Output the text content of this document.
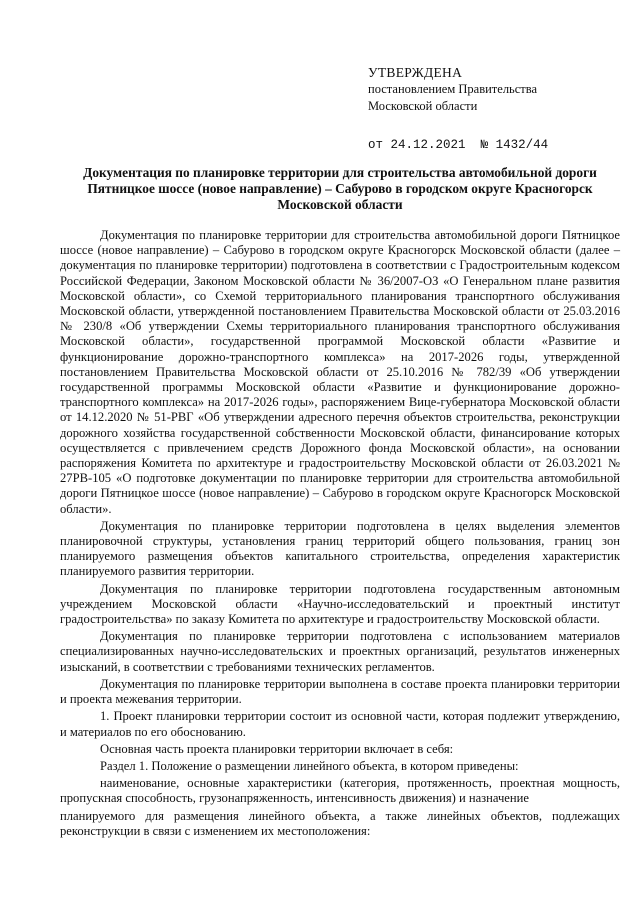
УТВЕРЖДЕНА
постановлением Правительства
Московской области
от 24.12.2021 № 1432/44
Документация по планировке территории для строительства автомобильной дороги Пятницкое шоссе (новое направление) – Сабурово в городском округе Красногорск Московской области

Документация по планировке территории для строительства автомобильной дороги Пятницкое шоссе (новое направление) – Сабурово в городском округе Красногорск Московской области (далее – документация по планировке территории) подготовлена в соответствии с Градостроительным кодексом Российской Федерации, Законом Московской области № 36/2007-ОЗ «О Генеральном плане развития Московской области», со Схемой территориального планирования транспортного обслуживания Московской области, утвержденной постановлением Правительства Московской области от 25.03.2016 № 230/8 «Об утверждении Схемы территориального планирования транспортного обслуживания Московской области», государственной программой Московской области «Развитие и функционирование дорожно-транспортного комплекса» на 2017-2026 годы, утвержденной постановлением Правительства Московской области от 25.10.2016 № 782/39 «Об утверждении государственной программы Московской области «Развитие и функционирование дорожно-транспортного комплекса» на 2017-2026 годы», распоряжением Вице-губернатора Московской области от 14.12.2020 № 51-РВГ «Об утверждении адресного перечня объектов строительства, реконструкции дорожного хозяйства государственной собственности Московской области, финансирование которых осуществляется с привлечением средств Дорожного фонда Московской области», на основании распоряжения Комитета по архитектуре и градостроительству Московской области от 26.03.2021 № 27РВ-105 «О подготовке документации по планировке территории для строительства автомобильной дороги Пятницкое шоссе (новое направление) – Сабурово в городском округе Красногорск Московской области».

Документация по планировке территории подготовлена в целях выделения элементов планировочной структуры, установления границ территорий общего пользования, границ зон планируемого размещения объектов капитального строительства, определения характеристик планируемого развития территории.

Документация по планировке территории подготовлена государственным автономным учреждением Московской области «Научно-исследовательский и проектный институт градостроительства» по заказу Комитета по архитектуре и градостроительству Московской области.

Документация по планировке территории подготовлена с использованием материалов специализированных научно-исследовательских и проектных организаций, результатов инженерных изысканий, в соответствии с требованиями технических регламентов.

Документация по планировке территории выполнена в составе проекта планировки территории и проекта межевания территории.

1. Проект планировки территории состоит из основной части, которая подлежит утверждению, и материалов по его обоснованию.

Основная часть проекта планировки территории включает в себя:

Раздел 1. Положение о размещении линейного объекта, в котором приведены:

наименование, основные характеристики (категория, протяженность, проектная мощность, пропускная способность, грузонапряженность, интенсивность движения) и назначение

планируемого для размещения линейного объекта, а также линейных объектов, подлежащих реконструкции в связи с изменением их местоположения:
